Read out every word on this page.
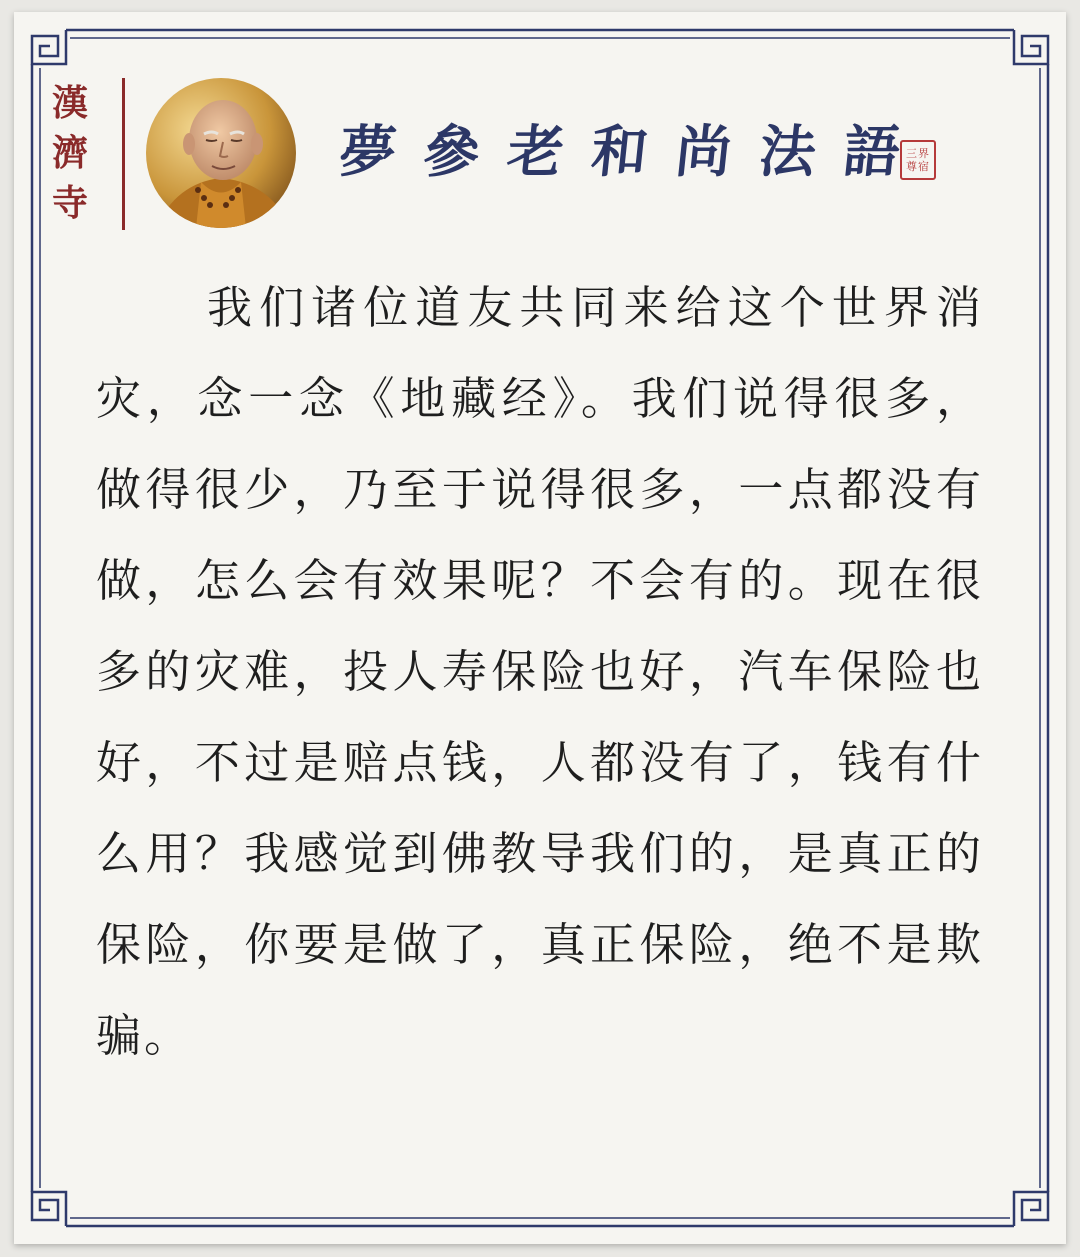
漢
濟
寺
夢 參 老 和 尚 法 語 三界 尊宿

我们诸位道友共同来给这个世界消灾，念一念《地藏经》。我们说得很多，做得很少，乃至于说得很多，一点都没有做，怎么会有效果呢？不会有的。现在很多的灾难，投人寿保险也好，汽车保险也好，不过是赔点钱，人都没有了，钱有什么用？我感觉到佛教导我们的，是真正的保险，你要是做了，真正保险，绝不是欺骗。
